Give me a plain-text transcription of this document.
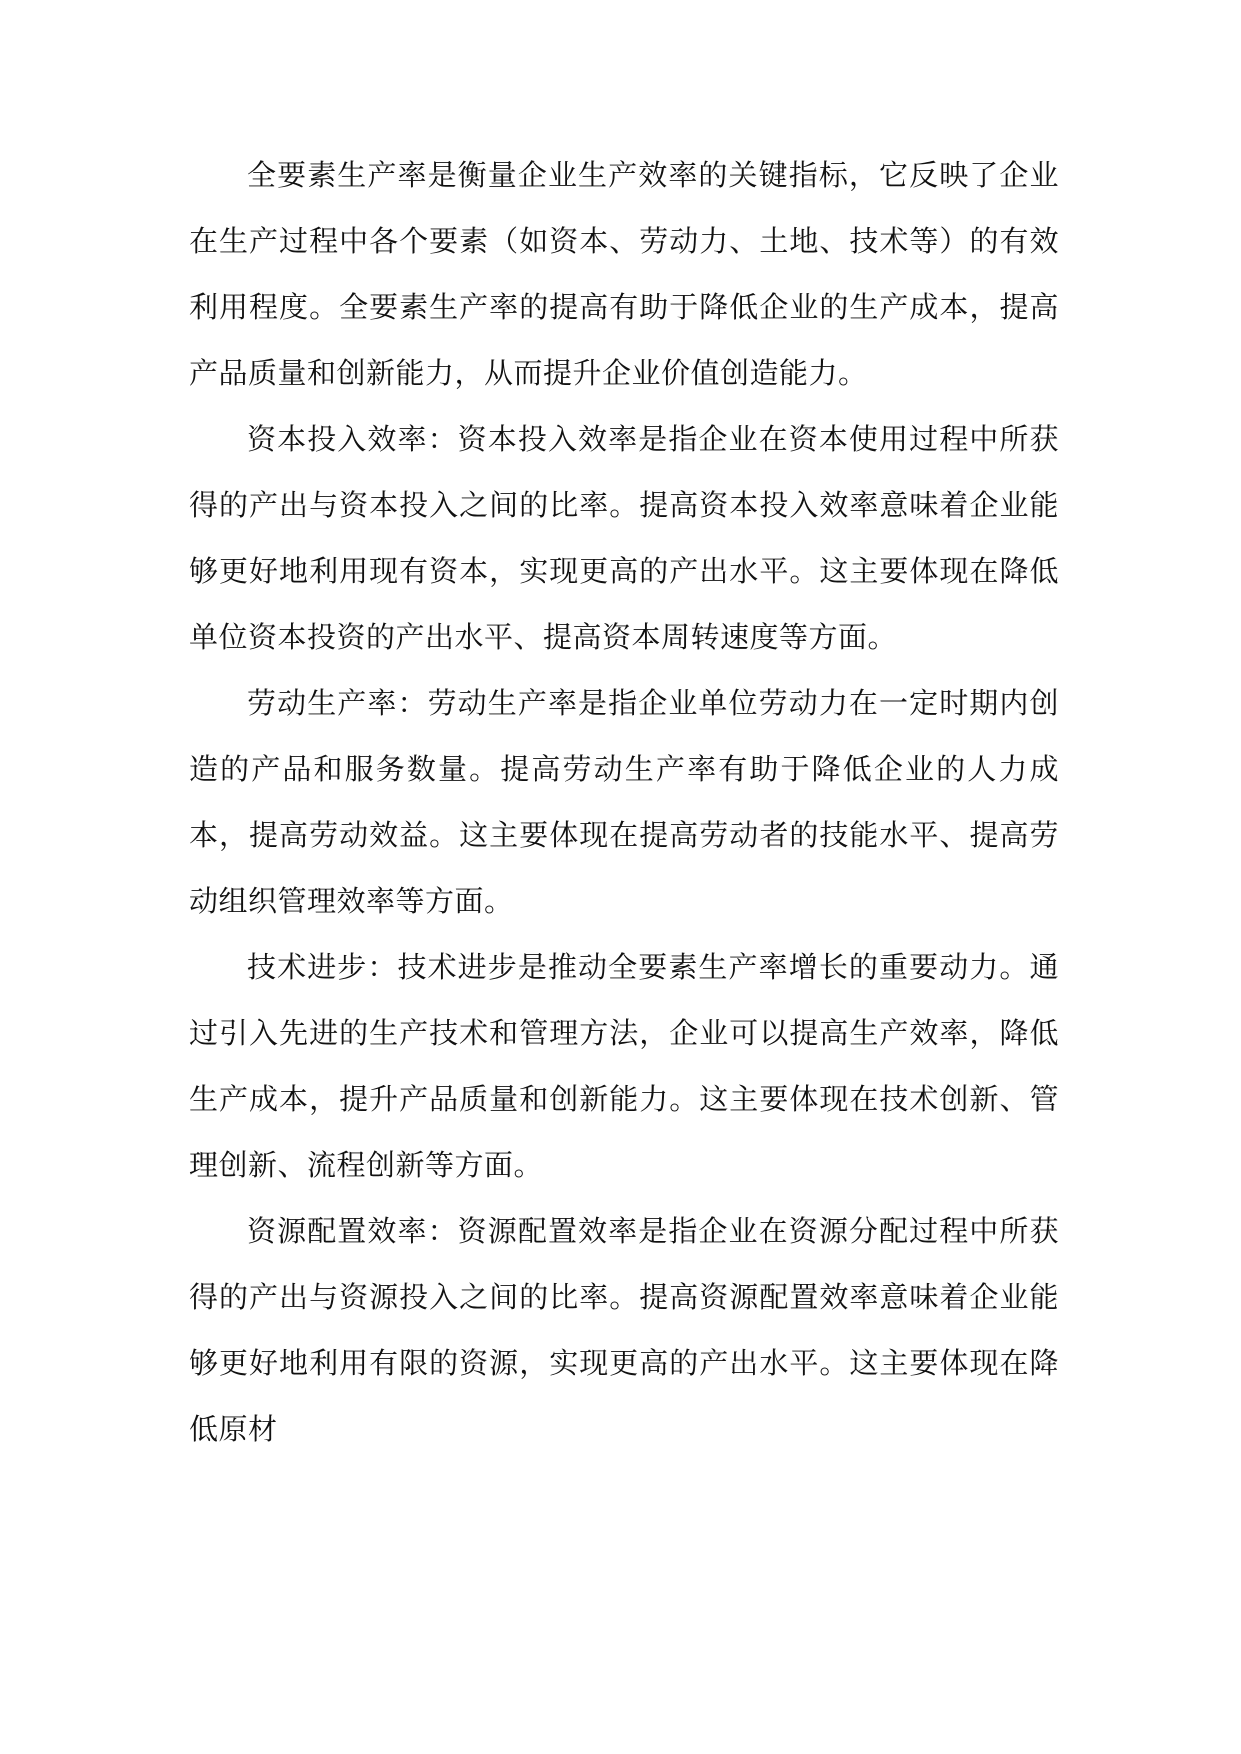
全要素生产率是衡量企业生产效率的关键指标，它反映了企业在生产过程中各个要素（如资本、劳动力、土地、技术等）的有效利用程度。全要素生产率的提高有助于降低企业的生产成本，提高产品质量和创新能力，从而提升企业价值创造能力。

资本投入效率：资本投入效率是指企业在资本使用过程中所获得的产出与资本投入之间的比率。提高资本投入效率意味着企业能够更好地利用现有资本，实现更高的产出水平。这主要体现在降低单位资本投资的产出水平、提高资本周转速度等方面。

劳动生产率：劳动生产率是指企业单位劳动力在一定时期内创造的产品和服务数量。提高劳动生产率有助于降低企业的人力成本，提高劳动效益。这主要体现在提高劳动者的技能水平、提高劳动组织管理效率等方面。

技术进步：技术进步是推动全要素生产率增长的重要动力。通过引入先进的生产技术和管理方法，企业可以提高生产效率，降低生产成本，提升产品质量和创新能力。这主要体现在技术创新、管理创新、流程创新等方面。

资源配置效率：资源配置效率是指企业在资源分配过程中所获得的产出与资源投入之间的比率。提高资源配置效率意味着企业能够更好地利用有限的资源，实现更高的产出水平。这主要体现在降低原材
